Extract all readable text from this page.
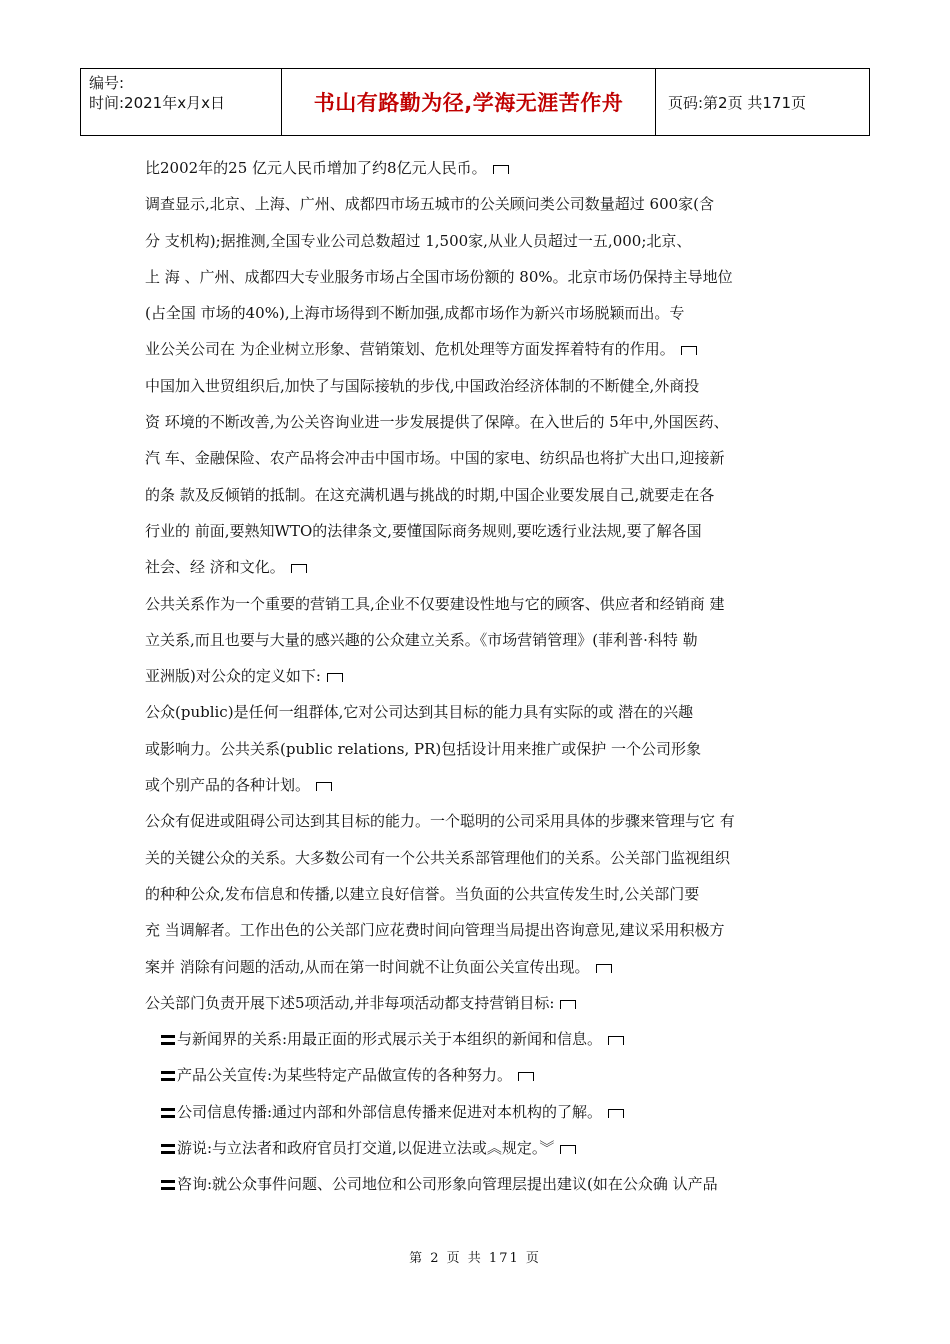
编号:
时间:2021年x月x日	书山有路勤为径,学海无涯苦作舟	页码:第2页 共171页

比2002年的25 亿元人民币增加了约8亿元人民币。

调查显示,北京、上海、广州、成都四市场五城市的公关顾问类公司数量超过 600家(含

分 支机构);据推测,全国专业公司总数超过 1,500家,从业人员超过一五,000;北京、

上 海 、广州、成都四大专业服务市场占全国市场份额的 80%。北京市场仍保持主导地位

(占全国 市场的40%),上海市场得到不断加强,成都市场作为新兴市场脱颖而出。专

业公关公司在 为企业树立形象、营销策划、危机处理等方面发挥着特有的作用。

中国加入世贸组织后,加快了与国际接轨的步伐,中国政治经济体制的不断健全,外商投

资 环境的不断改善,为公关咨询业进一步发展提供了保障。在入世后的 5年中,外国医药、

汽 车、金融保险、农产品将会冲击中国市场。中国的家电、纺织品也将扩大出口,迎接新

的条 款及反倾销的抵制。在这充满机遇与挑战的时期,中国企业要发展自己,就要走在各

行业的 前面,要熟知WTO的法律条文,要懂国际商务规则,要吃透行业法规,要了解各国

社会、经 济和文化。

公共关系作为一个重要的营销工具,企业不仅要建设性地与它的顾客、供应者和经销商 建

立关系,而且也要与大量的感兴趣的公众建立关系。《市场营销管理》(菲利普·科特 勒

亚洲版)对公众的定义如下:

公众(public)是任何一组群体,它对公司达到其目标的能力具有实际的或 潜在的兴趣

或影响力。公共关系(public relations, PR)包括设计用来推广或保护 一个公司形象

或个别产品的各种计划。

公众有促进或阻碍公司达到其目标的能力。一个聪明的公司采用具体的步骤来管理与它 有

关的关键公众的关系。大多数公司有一个公共关系部管理他们的关系。公关部门监视组织

的种种公众,发布信息和传播,以建立良好信誉。当负面的公共宣传发生时,公关部门要

充 当调解者。工作出色的公关部门应花费时间向管理当局提出咨询意见,建议采用积极方

案并 消除有问题的活动,从而在第一时间就不让负面公关宣传出现。

公关部门负责开展下述5项活动,并非每项活动都支持营销目标:

与新闻界的关系:用最正面的形式展示关于本组织的新闻和信息。
产品公关宣传:为某些特定产品做宣传的各种努力。
公司信息传播:通过内部和外部信息传播来促进对本机构的了解。
游说:与立法者和政府官员打交道,以促进立法或︽规定。︾
咨询:就公众事件问题、公司地位和公司形象向管理层提出建议(如在公众确 认产品
第 2 页 共 171 页
